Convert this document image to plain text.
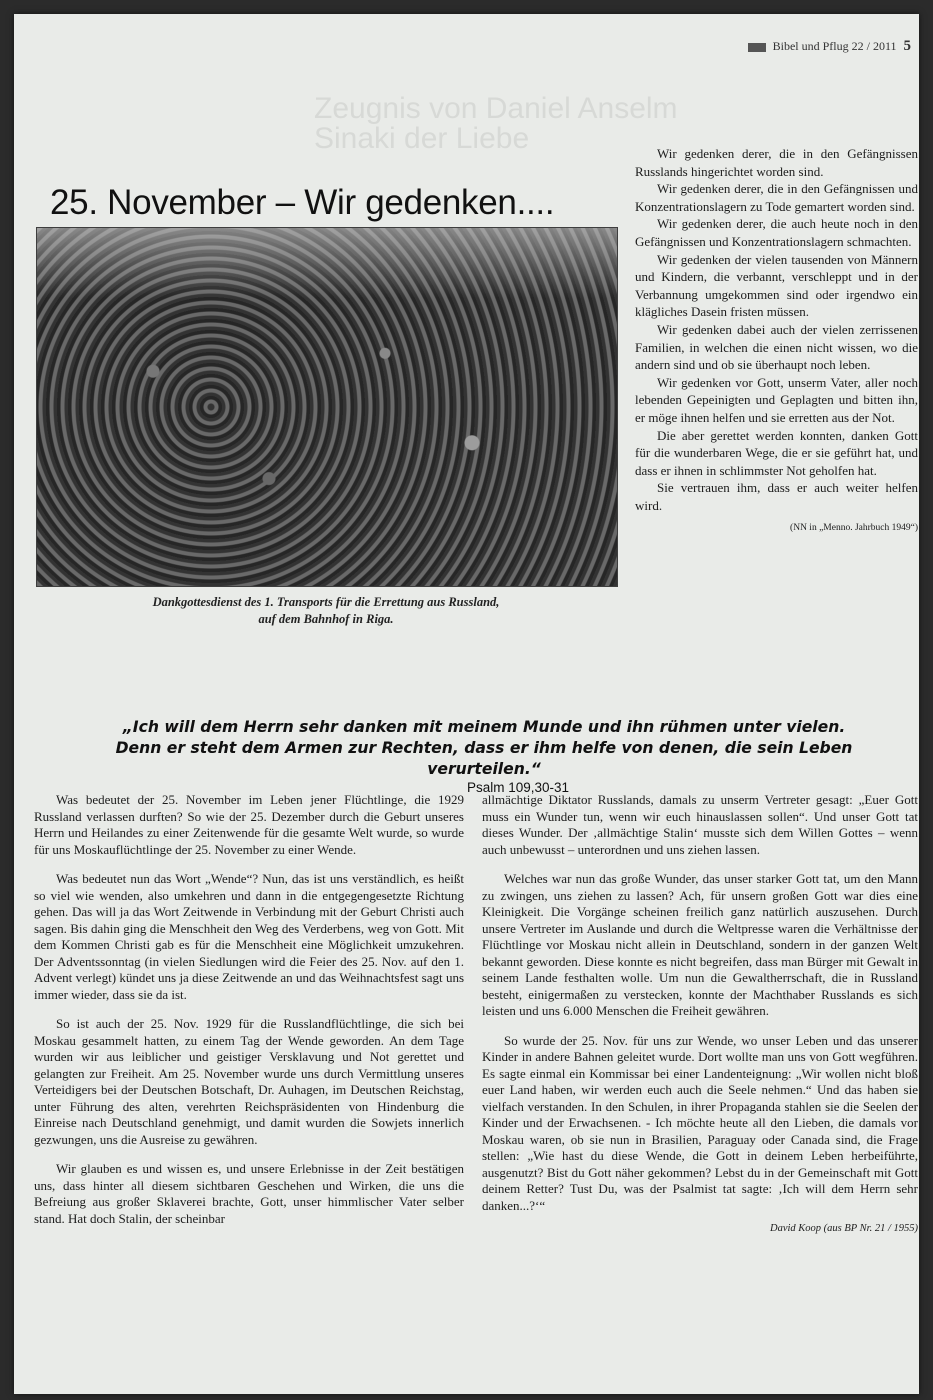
Zeugnis von Daniel Anselm
Sinaki der Liebe
Bibel und Pflug 22 / 2011 5
25. November – Wir gedenken....
Dankgottesdienst des 1. Transports für die Errettung aus Russland,
auf dem Bahnhof in Riga.

Wir gedenken derer, die in den Gefängnissen Russlands hingerichtet worden sind.

Wir gedenken derer, die in den Gefängnissen und Konzentrationslagern zu Tode gemartert worden sind.

Wir gedenken derer, die auch heute noch in den Gefängnissen und Konzentrationslagern schmachten.

Wir gedenken der vielen tausenden von Männern und Kindern, die verbannt, verschleppt und in der Verbannung umgekommen sind oder irgendwo ein klägliches Dasein fristen müssen.

Wir gedenken dabei auch der vielen zerrissenen Familien, in welchen die einen nicht wissen, wo die andern sind und ob sie überhaupt noch leben.

Wir gedenken vor Gott, unserm Vater, aller noch lebenden Gepeinigten und Geplagten und bitten ihn, er möge ihnen helfen und sie erretten aus der Not.

Die aber gerettet werden konnten, danken Gott für die wunderbaren Wege, die er sie geführt hat, und dass er ihnen in schlimmster Not geholfen hat.

Sie vertrauen ihm, dass er auch weiter helfen wird.

(NN in „Menno. Jahrbuch 1949“)

„Ich will dem Herrn sehr danken mit meinem Munde und ihn rühmen unter vielen.
Denn er steht dem Armen zur Rechten, dass er ihm helfe von denen, die sein Leben verurteilen.“
Psalm 109,30-31

Was bedeutet der 25. November im Leben jener Flüchtlinge, die 1929 Russland verlassen durften? So wie der 25. Dezember durch die Geburt unseres Herrn und Heilandes zu einer Zeitenwende für die gesamte Welt wurde, so wurde für uns Moskauflüchtlinge der 25. November zu einer Wende.

Was bedeutet nun das Wort „Wende“? Nun, das ist uns verständlich, es heißt so viel wie wenden, also umkehren und dann in die entgegengesetzte Richtung gehen. Das will ja das Wort Zeitwende in Verbindung mit der Geburt Christi auch sagen. Bis dahin ging die Menschheit den Weg des Verderbens, weg von Gott. Mit dem Kommen Christi gab es für die Menschheit eine Möglichkeit umzukehren. Der Adventssonntag (in vielen Siedlungen wird die Feier des 25. Nov. auf den 1. Advent verlegt) kündet uns ja diese Zeitwende an und das Weihnachtsfest sagt uns immer wieder, dass sie da ist.

So ist auch der 25. Nov. 1929 für die Russlandflüchtlinge, die sich bei Moskau gesammelt hatten, zu einem Tag der Wende geworden. An dem Tage wurden wir aus leiblicher und geistiger Versklavung und Not gerettet und gelangten zur Freiheit. Am 25. November wurde uns durch Vermittlung unseres Verteidigers bei der Deutschen Botschaft, Dr. Auhagen, im Deutschen Reichstag, unter Führung des alten, verehrten Reichspräsidenten von Hindenburg die Einreise nach Deutschland genehmigt, und damit wurden die Sowjets innerlich gezwungen, uns die Ausreise zu gewähren.

Wir glauben es und wissen es, und unsere Erlebnisse in der Zeit bestätigen uns, dass hinter all diesem sichtbaren Geschehen und Wirken, die uns die Befreiung aus großer Sklaverei brachte, Gott, unser himmlischer Vater selber stand. Hat doch Stalin, der scheinbar

allmächtige Diktator Russlands, damals zu unserm Vertreter gesagt: „Euer Gott muss ein Wunder tun, wenn wir euch hinauslassen sollen“. Und unser Gott tat dieses Wunder. Der ‚allmächtige Stalin‘ musste sich dem Willen Gottes – wenn auch unbewusst – unterordnen und uns ziehen lassen.

Welches war nun das große Wunder, das unser starker Gott tat, um den Mann zu zwingen, uns ziehen zu lassen? Ach, für unsern großen Gott war dies eine Kleinigkeit. Die Vorgänge scheinen freilich ganz natürlich auszusehen. Durch unsere Vertreter im Auslande und durch die Weltpresse waren die Verhältnisse der Flüchtlinge vor Moskau nicht allein in Deutschland, sondern in der ganzen Welt bekannt geworden. Diese konnte es nicht begreifen, dass man Bürger mit Gewalt in seinem Lande festhalten wolle. Um nun die Gewaltherrschaft, die in Russland besteht, einigermaßen zu verstecken, konnte der Machthaber Russlands es sich leisten und uns 6.000 Menschen die Freiheit gewähren.

So wurde der 25. Nov. für uns zur Wende, wo unser Leben und das unserer Kinder in andere Bahnen geleitet wurde. Dort wollte man uns von Gott wegführen. Es sagte einmal ein Kommissar bei einer Landenteignung: „Wir wollen nicht bloß euer Land haben, wir werden euch auch die Seele nehmen.“ Und das haben sie vielfach verstanden. In den Schulen, in ihrer Propaganda stahlen sie die Seelen der Kinder und der Erwachsenen. - Ich möchte heute all den Lieben, die damals vor Moskau waren, ob sie nun in Brasilien, Paraguay oder Canada sind, die Frage stellen: „Wie hast du diese Wende, die Gott in deinem Leben herbeiführte, ausgenutzt? Bist du Gott näher gekommen? Lebst du in der Gemeinschaft mit Gott deinem Retter? Tust Du, was der Psalmist tat sagte: ‚Ich will dem Herrn sehr danken...?‘“

David Koop (aus BP Nr. 21 / 1955)
